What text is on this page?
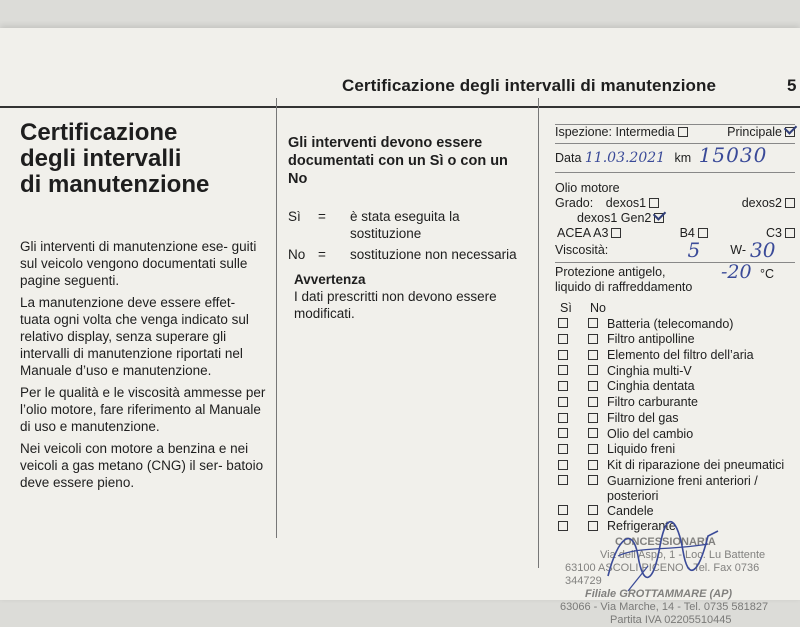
Certificazione degli intervalli di manutenzione	5
Certificazione
degli intervalli
di manutenzione

Gli interventi di manutenzione ese- guiti sul veicolo vengono documentati sulle pagine seguenti.

La manutenzione deve essere effet- tuata ogni volta che venga indicato sul relativo display, senza superare gli intervalli di manutenzione riportati nel Manuale d’uso e manutenzione.

Per le qualità e le viscosità ammesse per l’olio motore, fare riferimento al Manuale di uso e manutenzione.

Nei veicoli con motore a benzina e nei veicoli a gas metano (CNG) il ser- batoio deve essere pieno.

Gli interventi devono essere documentati con un Sì o con un No
Sì	=	è stata eseguita la sostituzione
No =	sostituzione non necessaria
Avvertenza
I dati prescritti non devono essere modificati.
Ispezione: Intermedia	Principale
Data 11.03.2021 km 15030
Olio motore
Grado: dexos1	dexos2
dexos1 Gen2
ACEA A3	B4	C3
Viscosità:	5 W- 30
Protezione antigelo,
liquido di raffreddamento
-20 °C
Sì	No
Batteria (telecomando)
Filtro antipolline
Elemento del filtro dell’aria
Cinghia multi-V
Cinghia dentata
Filtro carburante
Filtro del gas
Olio del cambio
Liquido freni
Kit di riparazione dei pneumatici
Guarnizione freni anteriori / posteriori
Candele
Refrigerante
CONCESSIONARIA
Via dell'Aspo, 1 - Loc. Lu Battente
63100 ASCOLI PICENO - Tel. Fax 0736 344729
Filiale GROTTAMMARE (AP)
63066 - Via Marche, 14 - Tel. 0735 581827
Partita IVA 02205510445
